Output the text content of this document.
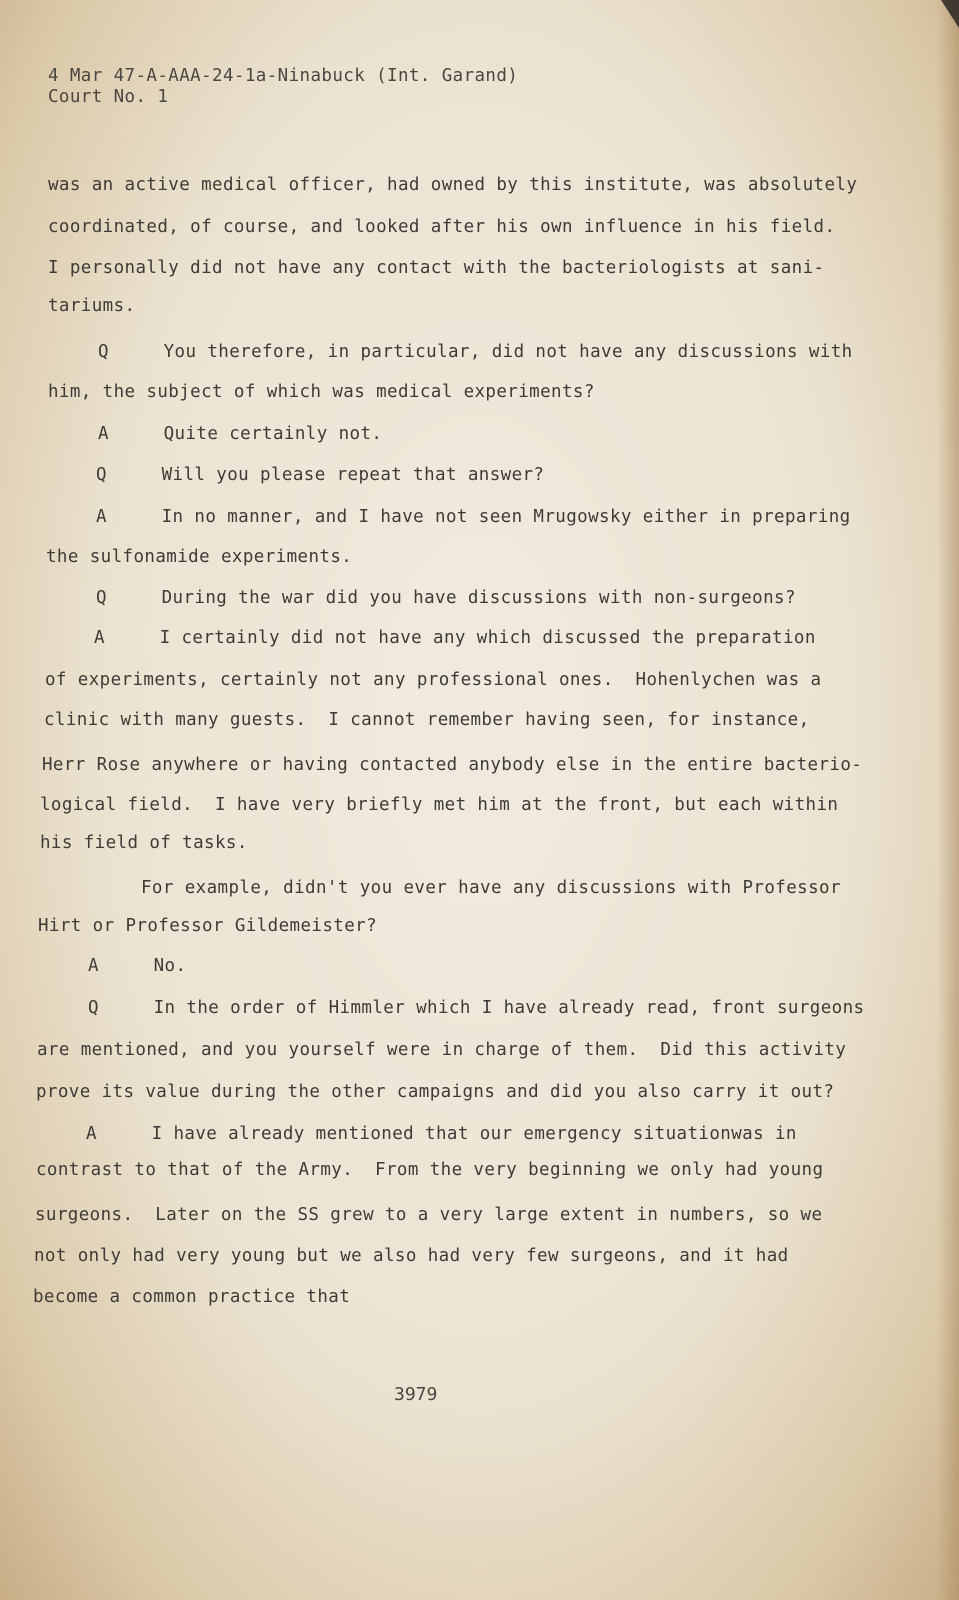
4 Mar 47-A-AAA-24-1a-Ninabuck (Int. Garand)
Court No. 1
was an active medical officer, had owned by this institute, was absolutely
coordinated, of course, and looked after his own influence in his field.
I personally did not have any contact with the bacteriologists at sani-
tariums.
Q     You therefore, in particular, did not have any discussions with
him, the subject of which was medical experiments?
A     Quite certainly not.
Q     Will you please repeat that answer?
A     In no manner, and I have not seen Mrugowsky either in preparing
the sulfonamide experiments.
Q     During the war did you have discussions with non-surgeons?
A     I certainly did not have any which discussed the preparation
of experiments, certainly not any professional ones.  Hohenlychen was a
clinic with many guests.  I cannot remember having seen, for instance,
Herr Rose anywhere or having contacted anybody else in the entire bacterio-
logical field.  I have very briefly met him at the front, but each within
his field of tasks.
For example, didn't you ever have any discussions with Professor
Hirt or Professor Gildemeister?
A     No.
Q     In the order of Himmler which I have already read, front surgeons
are mentioned, and you yourself were in charge of them.  Did this activity
prove its value during the other campaigns and did you also carry it out?
A     I have already mentioned that our emergency situationwas in
contrast to that of the Army.  From the very beginning we only had young
surgeons.  Later on the SS grew to a very large extent in numbers, so we
not only had very young but we also had very few surgeons, and it had
become a common practice that
3979
